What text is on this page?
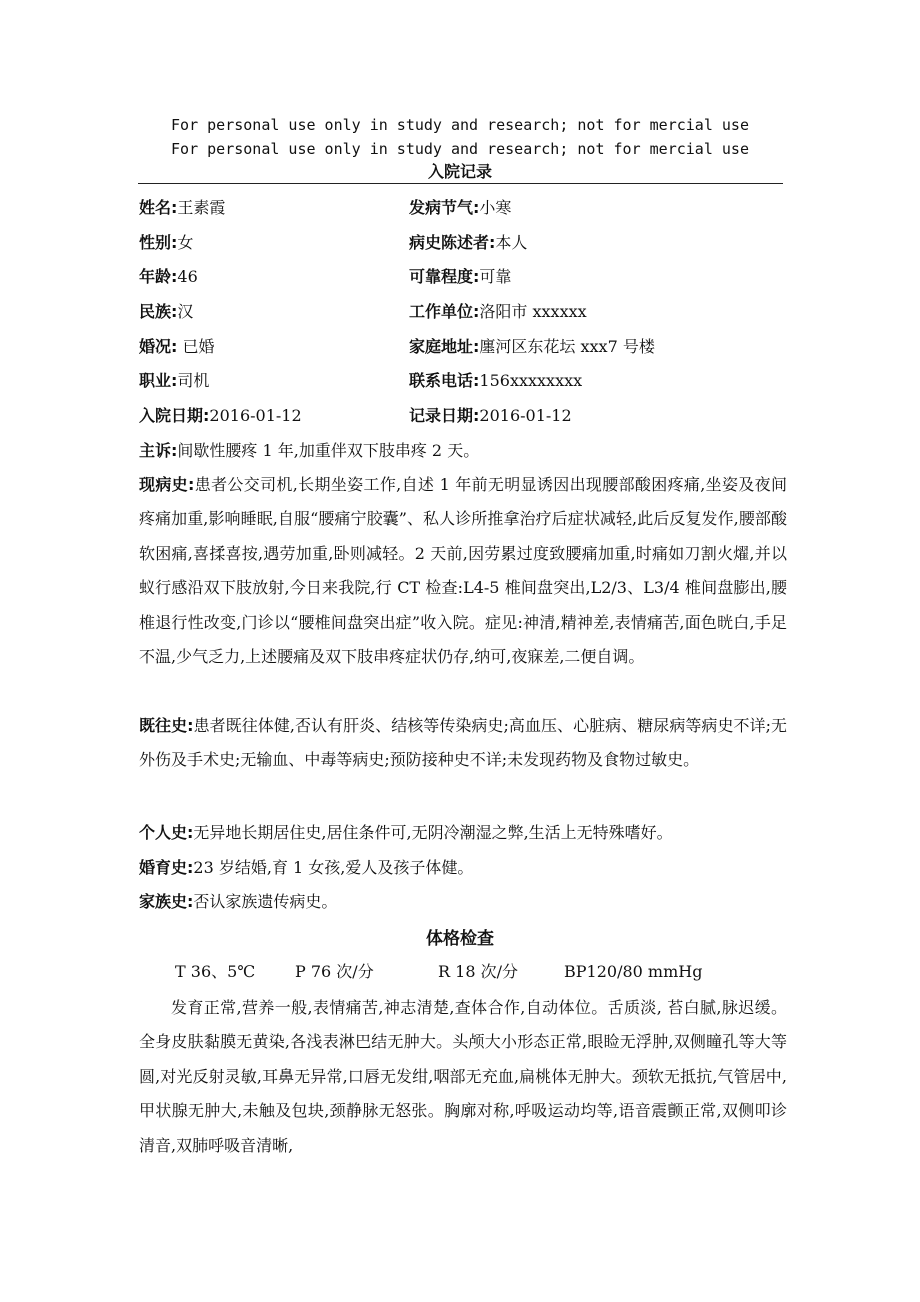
For personal use only in study and research; not for mercial use
For personal use only in study and research; not for mercial use
入院记录
姓名:王素霞
性别:女
年龄:46
民族:汉
婚况: 已婚
职业:司机
入院日期:2016-01-12
发病节气:小寒
病史陈述者:本人
可靠程度:可靠
工作单位:洛阳市 xxxxxx
家庭地址:廛河区东花坛 xxx7 号楼
联系电话:156xxxxxxxx
记录日期:2016-01-12
主诉:间歇性腰疼 1 年,加重伴双下肢串疼 2 天。
现病史:患者公交司机,长期坐姿工作,自述 1 年前无明显诱因出现腰部酸困疼痛,坐姿及夜间疼痛加重,影响睡眠,自服“腰痛宁胶囊”、私人诊所推拿治疗后症状减轻,此后反复发作,腰部酸软困痛,喜揉喜按,遇劳加重,卧则减轻。2 天前,因劳累过度致腰痛加重,时痛如刀割火燿,并以蚁行感沿双下肢放射,今日来我院,行 CT 检查:L4-5 椎间盘突出,L2/3、L3/4 椎间盘膨出,腰椎退行性改变,门诊以“腰椎间盘突出症”收入院。症见:神清,精神差,表情痛苦,面色晄白,手足不温,少气乏力,上述腰痛及双下肢串疼症状仍存,纳可,夜寐差,二便自调。
既往史:患者既往体健,否认有肝炎、结核等传染病史;高血压、心脏病、糖尿病等病史不详;无外伤及手术史;无输血、中毒等病史;预防接种史不详;未发现药物及食物过敏史。
个人史:无异地长期居住史,居住条件可,无阴冷潮湿之弊,生活上无特殊嗜好。
婚育史:23 岁结婚,育 1 女孩,爱人及孩子体健。
家族史:否认家族遗传病史。
体格检查
T 36、5℃ P 76 次/分	R 18 次/分	BP120/80 mmHg
发育正常,营养一般,表情痛苦,神志清楚,查体合作,自动体位。舌质淡, 苔白腻,脉迟缓。全身皮肤黏膜无黄染,各浅表淋巴结无肿大。头颅大小形态正常,眼睑无浮肿,双侧瞳孔等大等圆,对光反射灵敏,耳鼻无异常,口唇无发绀,咽部无充血,扁桃体无肿大。颈软无抵抗,气管居中,甲状腺无肿大,未触及包块,颈静脉无怒张。胸廓对称,呼吸运动均等,语音震颤正常,双侧叩诊清音,双肺呼吸音清晰,
